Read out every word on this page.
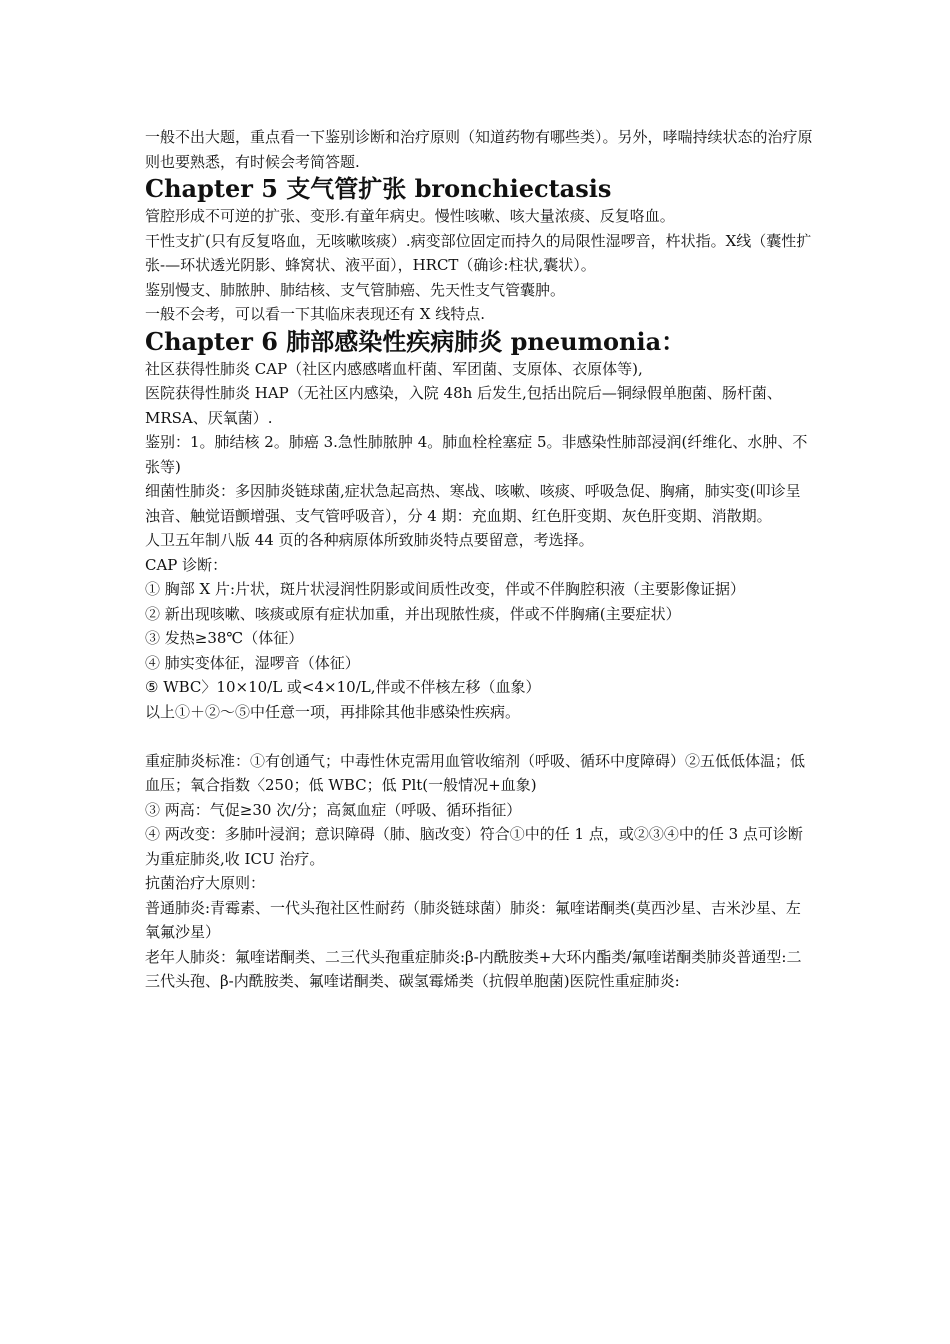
一般不出大题，重点看一下鉴别诊断和治疗原则（知道药物有哪些类）。另外，哮喘持续状态的治疗原则也要熟悉，有时候会考简答题.

Chapter 5 支气管扩张 bronchiectasis

管腔形成不可逆的扩张、变形.有童年病史。慢性咳嗽、咳大量浓痰、反复咯血。

干性支扩(只有反复咯血，无咳嗽咳痰）.病变部位固定而持久的局限性湿啰音，杵状指。X线（囊性扩张-—环状透光阴影、蜂窝状、液平面），HRCT（确诊:柱状,囊状）。

鉴别慢支、肺脓肿、肺结核、支气管肺癌、先天性支气管囊肿。

一般不会考，可以看一下其临床表现还有 X 线特点.

Chapter 6 肺部感染性疾病肺炎 pneumonia：

社区获得性肺炎 CAP（社区内感感嗜血杆菌、军团菌、支原体、衣原体等),

医院获得性肺炎 HAP（无社区内感染，入院 48h 后发生,包括出院后—铜绿假单胞菌、肠杆菌、MRSA、厌氧菌）.

鉴别：1。肺结核 2。肺癌 3.急性肺脓肿 4。肺血栓栓塞症 5。非感染性肺部浸润(纤维化、水肿、不张等)

细菌性肺炎：多因肺炎链球菌,症状急起高热、寒战、咳嗽、咳痰、呼吸急促、胸痛，肺实变(叩诊呈浊音、触觉语颤增强、支气管呼吸音），分 4 期：充血期、红色肝变期、灰色肝变期、消散期。

人卫五年制八版 44 页的各种病原体所致肺炎特点要留意，考选择。

CAP 诊断：

① 胸部 X 片:片状，斑片状浸润性阴影或间质性改变，伴或不伴胸腔积液（主要影像证据）

② 新出现咳嗽、咳痰或原有症状加重，并出现脓性痰，伴或不伴胸痛(主要症状）

③ 发热≥38℃（体征）

④ 肺实变体征，湿啰音（体征）

⑤ WBC〉10×10/L 或<4×10/L,伴或不伴核左移（血象）

以上①＋②～⑤中任意一项，再排除其他非感染性疾病。

重症肺炎标准：①有创通气；中毒性休克需用血管收缩剂（呼吸、循环中度障碍）②五低低体温；低血压；氧合指数〈250；低 WBC；低 Plt(一般情况+血象)

③ 两高：气促≥30 次/分；高氮血症（呼吸、循环指征）

④ 两改变：多肺叶浸润；意识障碍（肺、脑改变）符合①中的任 1 点，或②③④中的任 3 点可诊断为重症肺炎,收 ICU 治疗。

抗菌治疗大原则：

普通肺炎:青霉素、一代头孢社区性耐药（肺炎链球菌）肺炎：氟喹诺酮类(莫西沙星、吉米沙星、左氧氟沙星）

老年人肺炎：氟喹诺酮类、二三代头孢重症肺炎:β-内酰胺类+大环内酯类/氟喹诺酮类肺炎普通型:二三代头孢、β-内酰胺类、氟喹诺酮类、碳氢霉烯类（抗假单胞菌)医院性重症肺炎:
